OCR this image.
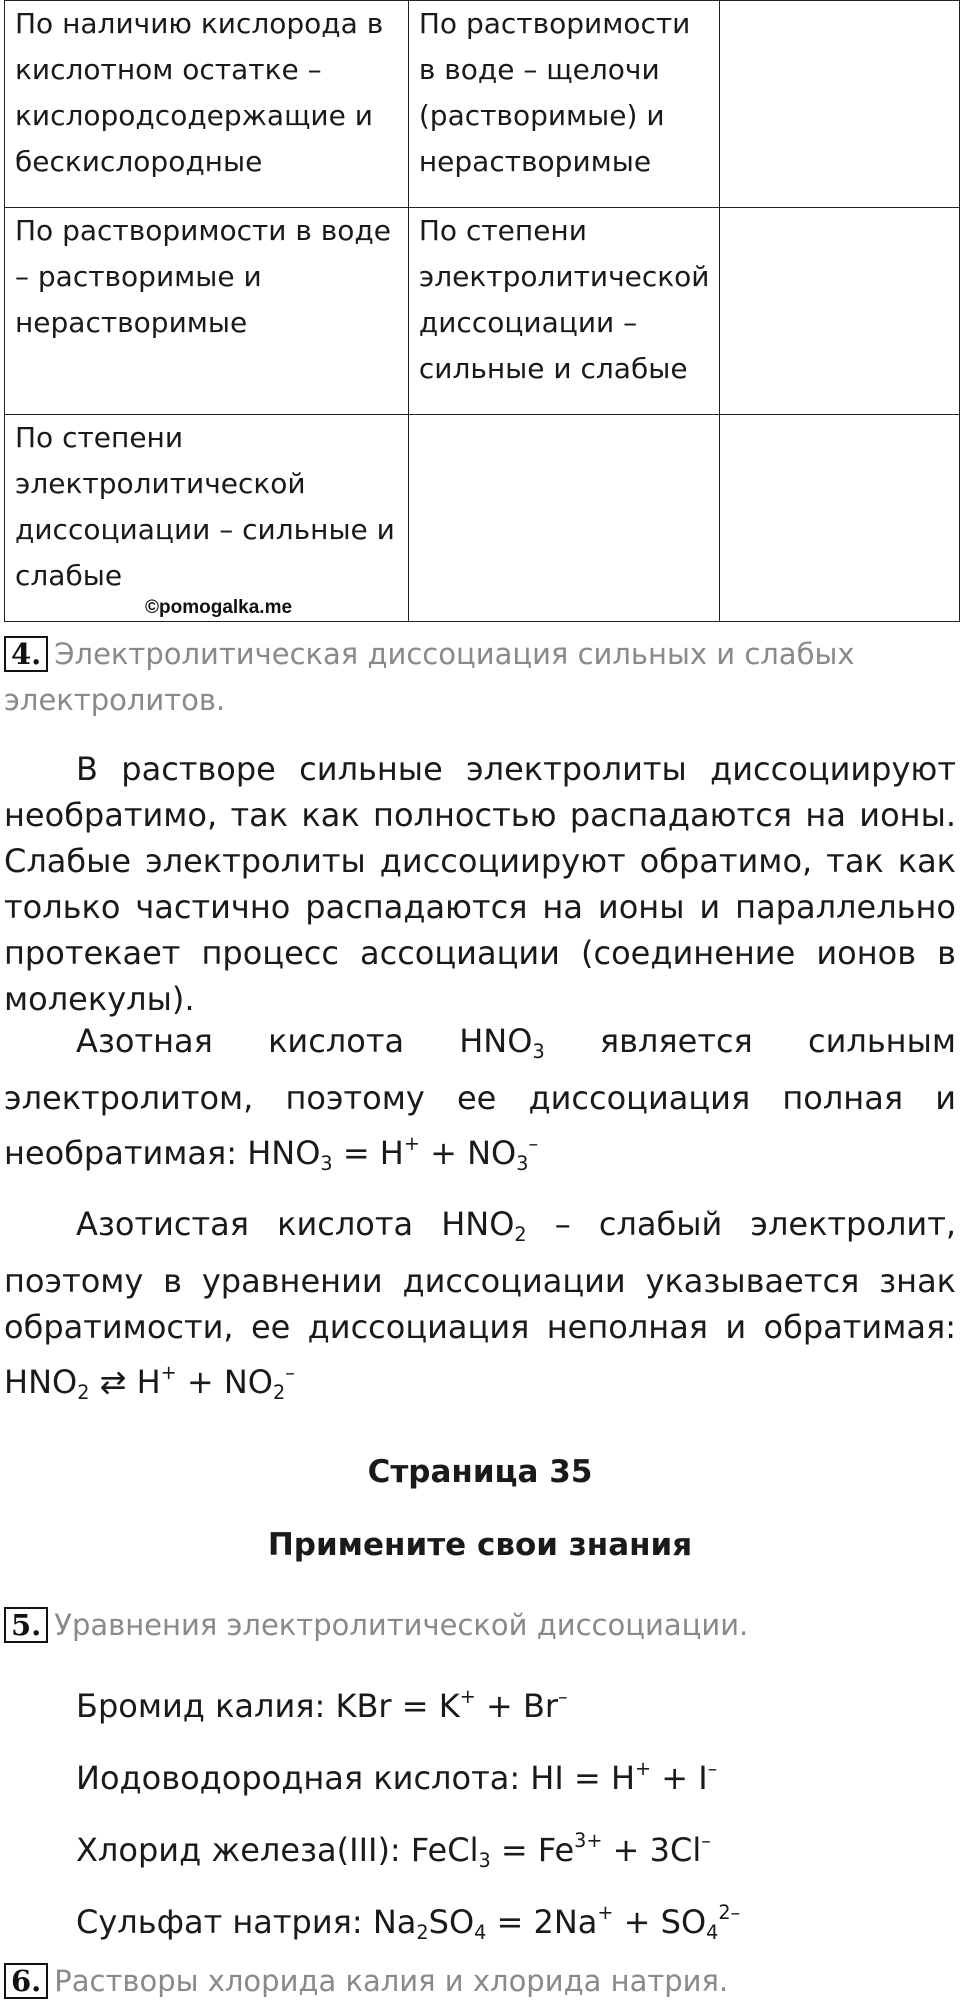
По наличию кислорода в кислотном остатке – кислородсодержащие и бескислородные	По растворимости в воде – щелочи (растворимые) и нерастворимые	
По растворимости в воде – растворимые и нерастворимые	По степени электролитической диссоциации – сильные и слабые	
По степени электролитической диссоциации – сильные и слабые
©pomogalka.me		

4. Электролитическая диссоциация сильных и слабых
электролитов.
В растворе сильные электролиты диссоциируют необратимо, так как полностью распадаются на ионы. Слабые электролиты диссоциируют обратимо, так как только частично распадаются на ионы и параллельно протекает процесс ассоциации (соединение ионов в молекулы).
Азотная кислота $HNO_3$ является сильным электролитом, поэтому ее диссоциация полная и необратимая: $HNO_3 = H^+ + NO_3^-$
Азотистая кислота $HNO_2$ – слабый электролит, поэтому в уравнении диссоциации указывается знак обратимости, ее диссоциация неполная и обратимая: $HNO_2$ ⇄ $H^+ + NO_2^-$
Страница 35
Примените свои знания
5. Уравнения электролитической диссоциации.
Бромид калия: KBr = K+ + Br–
Иодоводородная кислота: HI = H+ + I–
Хлорид железа(III): FeCl$_3$ = $Fe^{3+} + 3Cl^-$
Сульфат натрия: $Na_2SO_4 = 2Na^+ + SO_4^{2-}$
6. Растворы хлорида калия и хлорида натрия.
